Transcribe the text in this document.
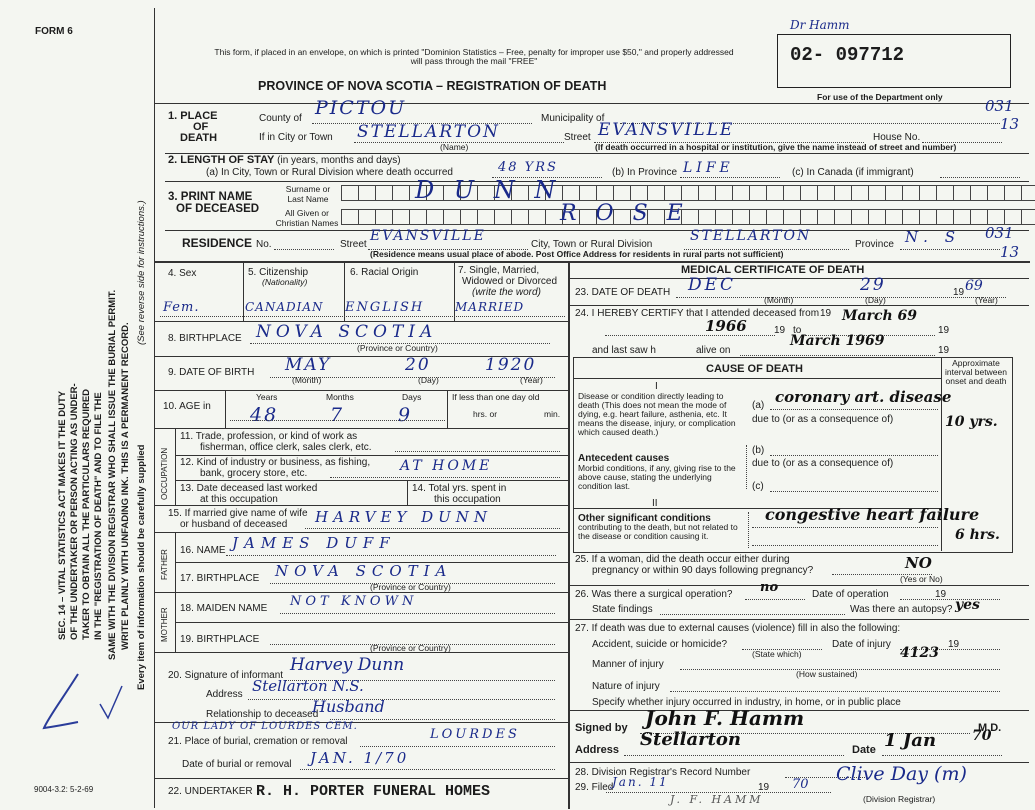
FORM 6
SEC. 14 – VITAL STATISTICS ACT MAKES IT THE DUTY OF THE UNDERTAKER OR PERSON ACTING AS UNDER- TAKER TO OBTAIN ALL THE PARTICULARS REQUIRED IN THE "REGISTRATION OF DEATH" AND TO FILE THE SAME WITH THE DIVISION REGISTRAR WHO SHALL ISSUE THE BURIAL PERMIT. WRITE PLAINLY WITH UNFADING INK. THIS IS A PERMANENT RECORD.
(See reverse side for instructions.)
Every item of information should be carefully supplied
9004-3.2: 5-2-69
This form, if placed in an envelope, on which is printed "Dominion Statistics – Free, penalty for improper use $50," and properly addressed will pass through the mail "FREE"
PROVINCE OF NOVA SCOTIA – REGISTRATION OF DEATH
Dr Hamm
02- 097712
For use of the Department only
1. PLACE
OF
DEATH
County of PICTOU	Municipality of
031
If in City or Town STELLARTON
(Name)
Street EVANSVILLE	House No.
13
(If death occurred in a hospital or institution, give the name instead of street and number)
2. LENGTH OF STAY (in years, months and days)
(a) In City, Town or Rural Division where death occurred	48 YRS	(b) In Province LIFE	(c) In Canada (if immigrant)
3. PRINT NAME
OF DECEASED
Surname or
Last Name
All Given or
Christian Names
D U N N
R O S E
RESIDENCE No.	Street
EVANSVILLE
City, Town or Rural Division
STELLARTON
Province N. S 031
13
(Residence means usual place of abode. Post Office Address for residents in rural parts not sufficient)
4. Sex	5. Citizenship
(Nationality)
6. Racial Origin	7. Single, Married,
Widowed or Divorced
(write the word)
Fem.	CANADIAN ENGLISH	MARRIED
8. BIRTHPLACE NOVA SCOTIA
(Province or Country)
9. DATE OF BIRTH MAY	20	1920
(Month)	(Day)	(Year)
10. AGE in
Years	Months	Days
48	7	9
If less than one day old
hrs. or	min.
OCCUPATION
11. Trade, profession, or kind of work as
fisherman, office clerk, sales clerk, etc.
12. Kind of industry or business, as fishing,
bank, grocery store, etc.	AT HOME
13. Date deceased last worked
at this occupation
14. Total yrs. spent in
this occupation
15. If married give name of wife
or husband of deceased HARVEY DUNN
FATHER 16. NAME JAMES DUFF
17. BIRTHPLACE NOVA SCOTIA
(Province or Country)
MOTHER 18. MAIDEN NAME NOT KNOWN
19. BIRTHPLACE
(Province or Country)
20. Signature of informant
Harvey Dunn
Address Stellarton N.S.
Relationship to deceased
Husband
OUR LADY OF LOURDES CEM.
21. Place of burial, cremation or removal	LOURDES
Date of burial or removal JAN. 1/70
22. UNDERTAKER R. H. PORTER FUNERAL HOMES
MEDICAL CERTIFICATE OF DEATH
23. DATE OF DEATH DEC	29	19 69
(Month)	(Day)	(Year)
24. I HEREBY CERTIFY that I attended deceased from 19
1966	19 to
March 69
19
and last saw h	alive on
March 1969
19
CAUSE OF DEATH	Approximate interval between onset and death
I
Disease or condition directly leading to death (This does not mean the mode of dying, e.g. heart failure, asthenia, etc. It means the disease, injury, or complication which caused death.)
(a) coronary art. disease
10 yrs.
due to (or as a consequence of)
(b)
due to (or as a consequence of)
(c)
Antecedent causes
Morbid conditions, if any, giving rise to the above cause, stating the underlying condition last.
II
Other significant conditions
contributing to the death, but not related to the disease or condition causing it.
congestive heart failure
6 hrs.
25. If a woman, did the death occur either during
pregnancy or within 90 days following pregnancy?	NO
(Yes or No)
26. Was there a surgical operation? no	Date of operation	19
State findings	Was there an autopsy? yes
27. If death was due to external causes (violence) fill in also the following:
Accident, suicide or homicide?
(State which)
Date of injury	19
4123
Manner of injury
(How sustained)
Nature of injury
Specify whether injury occurred in industry, in home, or in public place
Signed by John F. Hamm	M.D.
Address Stellarton	Date 1 Jan	70
28. Division Registrar's Record Number
29. Filed
Jan. 11	19 70
J. F. HAMM
Clive Day (m)
(Division Registrar)
